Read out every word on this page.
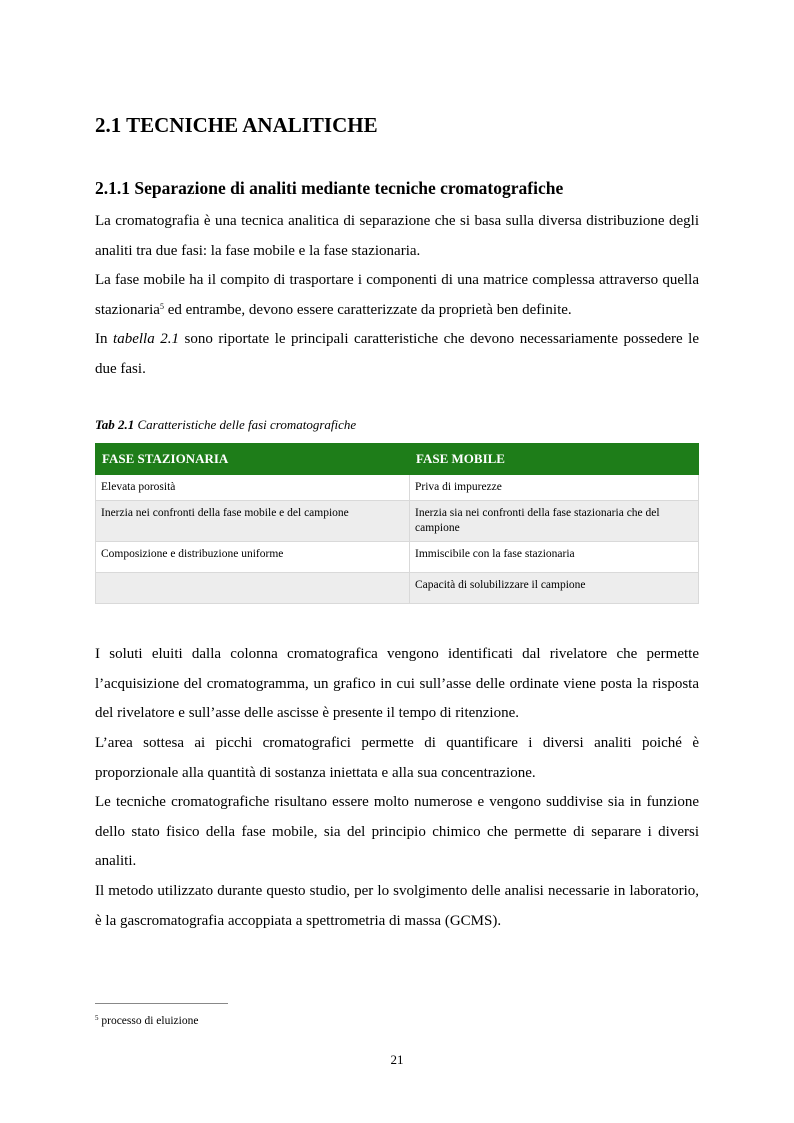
2.1 TECNICHE ANALITICHE
2.1.1 Separazione di analiti mediante tecniche cromatografiche

La cromatografia è una tecnica analitica di separazione che si basa sulla diversa distribuzione degli analiti tra due fasi: la fase mobile e la fase stazionaria.

La fase mobile ha il compito di trasportare i componenti di una matrice complessa attraverso quella stazionaria$^5$ ed entrambe, devono essere caratterizzate da proprietà ben definite.

In tabella 2.1 sono riportate le principali caratteristiche che devono necessariamente possedere le due fasi.

Tab 2.1 Caratteristiche delle fasi cromatografiche

FASE STAZIONARIA	FASE MOBILE
Elevata porosità	Priva di impurezze
Inerzia nei confronti della fase mobile e del campione	Inerzia sia nei confronti della fase stazionaria che del campione
Composizione e distribuzione uniforme	Immiscibile con la fase stazionaria
	Capacità di solubilizzare il campione

I soluti eluiti dalla colonna cromatografica vengono identificati dal rivelatore che permette l’acquisizione del cromatogramma, un grafico in cui sull’asse delle ordinate viene posta la risposta del rivelatore e sull’asse delle ascisse è presente il tempo di ritenzione.

L’area sottesa ai picchi cromatografici permette di quantificare i diversi analiti poiché è proporzionale alla quantità di sostanza iniettata e alla sua concentrazione.

Le tecniche cromatografiche risultano essere molto numerose e vengono suddivise sia in funzione dello stato fisico della fase mobile, sia del principio chimico che permette di separare i diversi analiti.

Il metodo utilizzato durante questo studio, per lo svolgimento delle analisi necessarie in laboratorio, è la gascromatografia accoppiata a spettrometria di massa (GCMS).

$^5$ processo di eluizione

21
